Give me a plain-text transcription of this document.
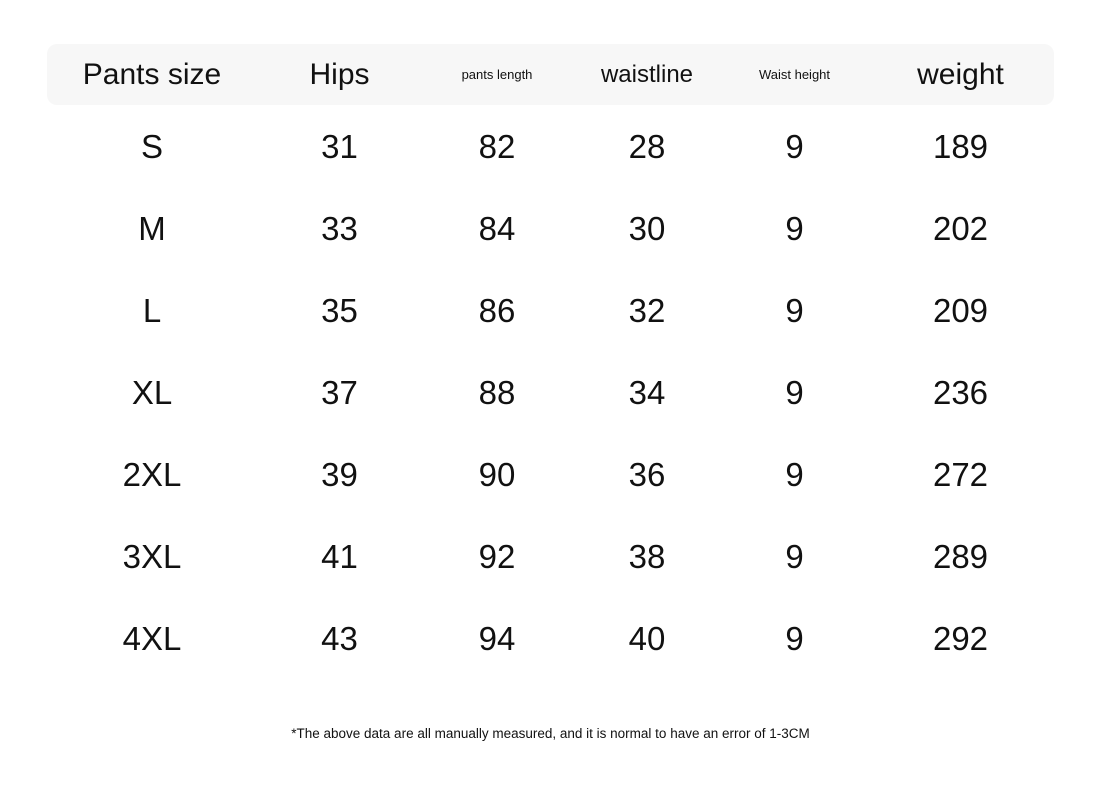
Pants size	Hips	pants length	waistline	Waist height	weight
S	31	82	28	9	189
M	33	84	30	9	202
L	35	86	32	9	209
XL	37	88	34	9	236
2XL	39	90	36	9	272
3XL	41	92	38	9	289
4XL	43	94	40	9	292
*The above data are all manually measured, and it is normal to have an error of 1-3CM
